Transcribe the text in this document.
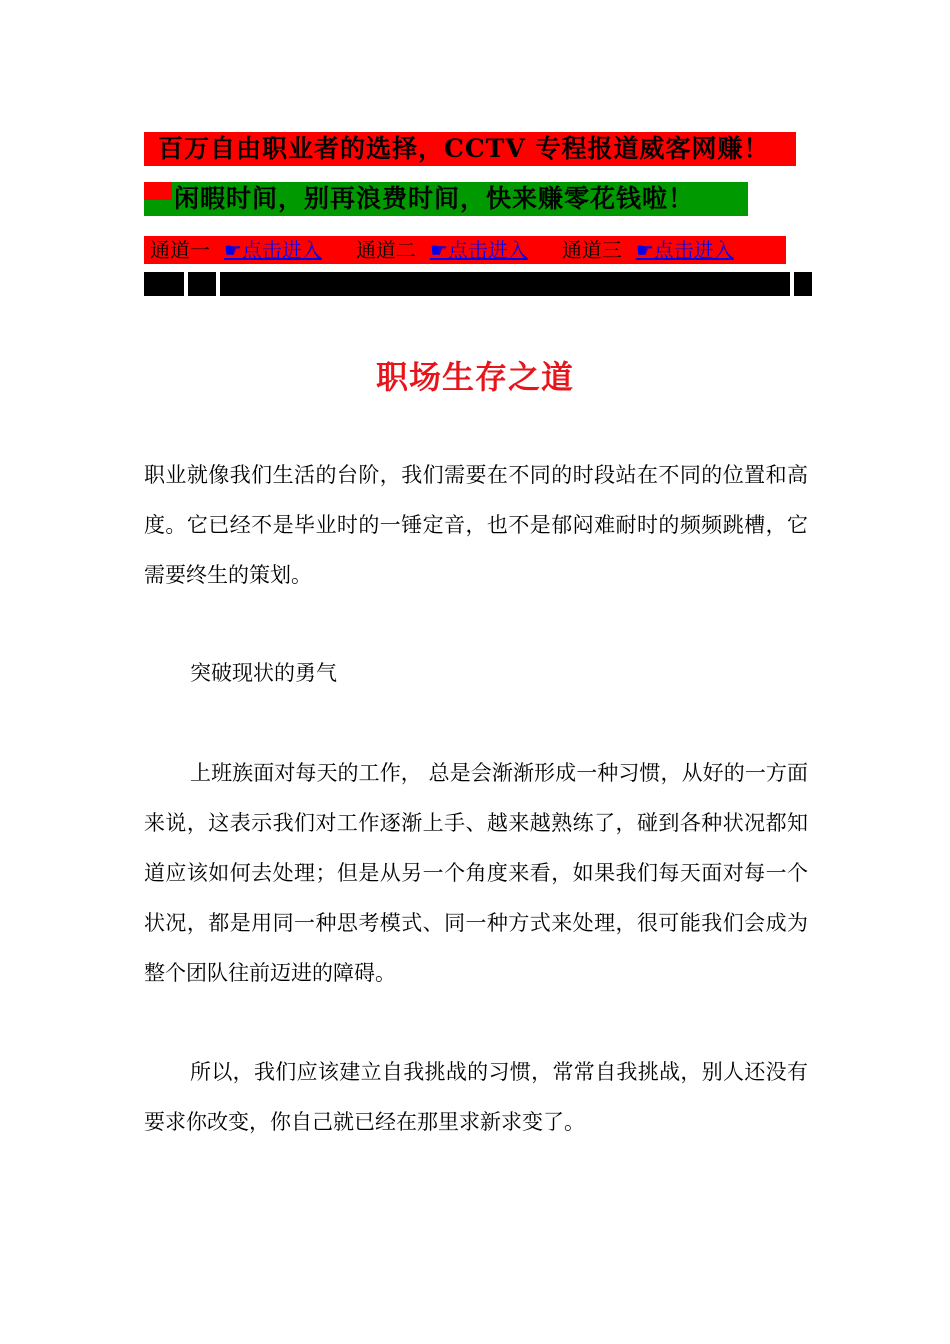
百万自由职业者的选择，CCTV 专程报道威客网赚！
闲暇时间，别再浪费时间，快来赚零花钱啦！
通道一 ☛点击进入 通道二 ☛点击进入 通道三 ☛点击进入
职场生存之道
职业就像我们生活的台阶，我们需要在不同的时段站在不同的位置和高度。它已经不是毕业时的一锤定音，也不是郁闷难耐时的频频跳槽，它需要终生的策划。
突破现状的勇气
上班族面对每天的工作， 总是会渐渐形成一种习惯，从好的一方面来说，这表示我们对工作逐渐上手、越来越熟练了，碰到各种状况都知道应该如何去处理；但是从另一个角度来看，如果我们每天面对每一个状况，都是用同一种思考模式、同一种方式来处理，很可能我们会成为整个团队往前迈进的障碍。
所以，我们应该建立自我挑战的习惯，常常自我挑战，别人还没有要求你改变，你自己就已经在那里求新求变了。
